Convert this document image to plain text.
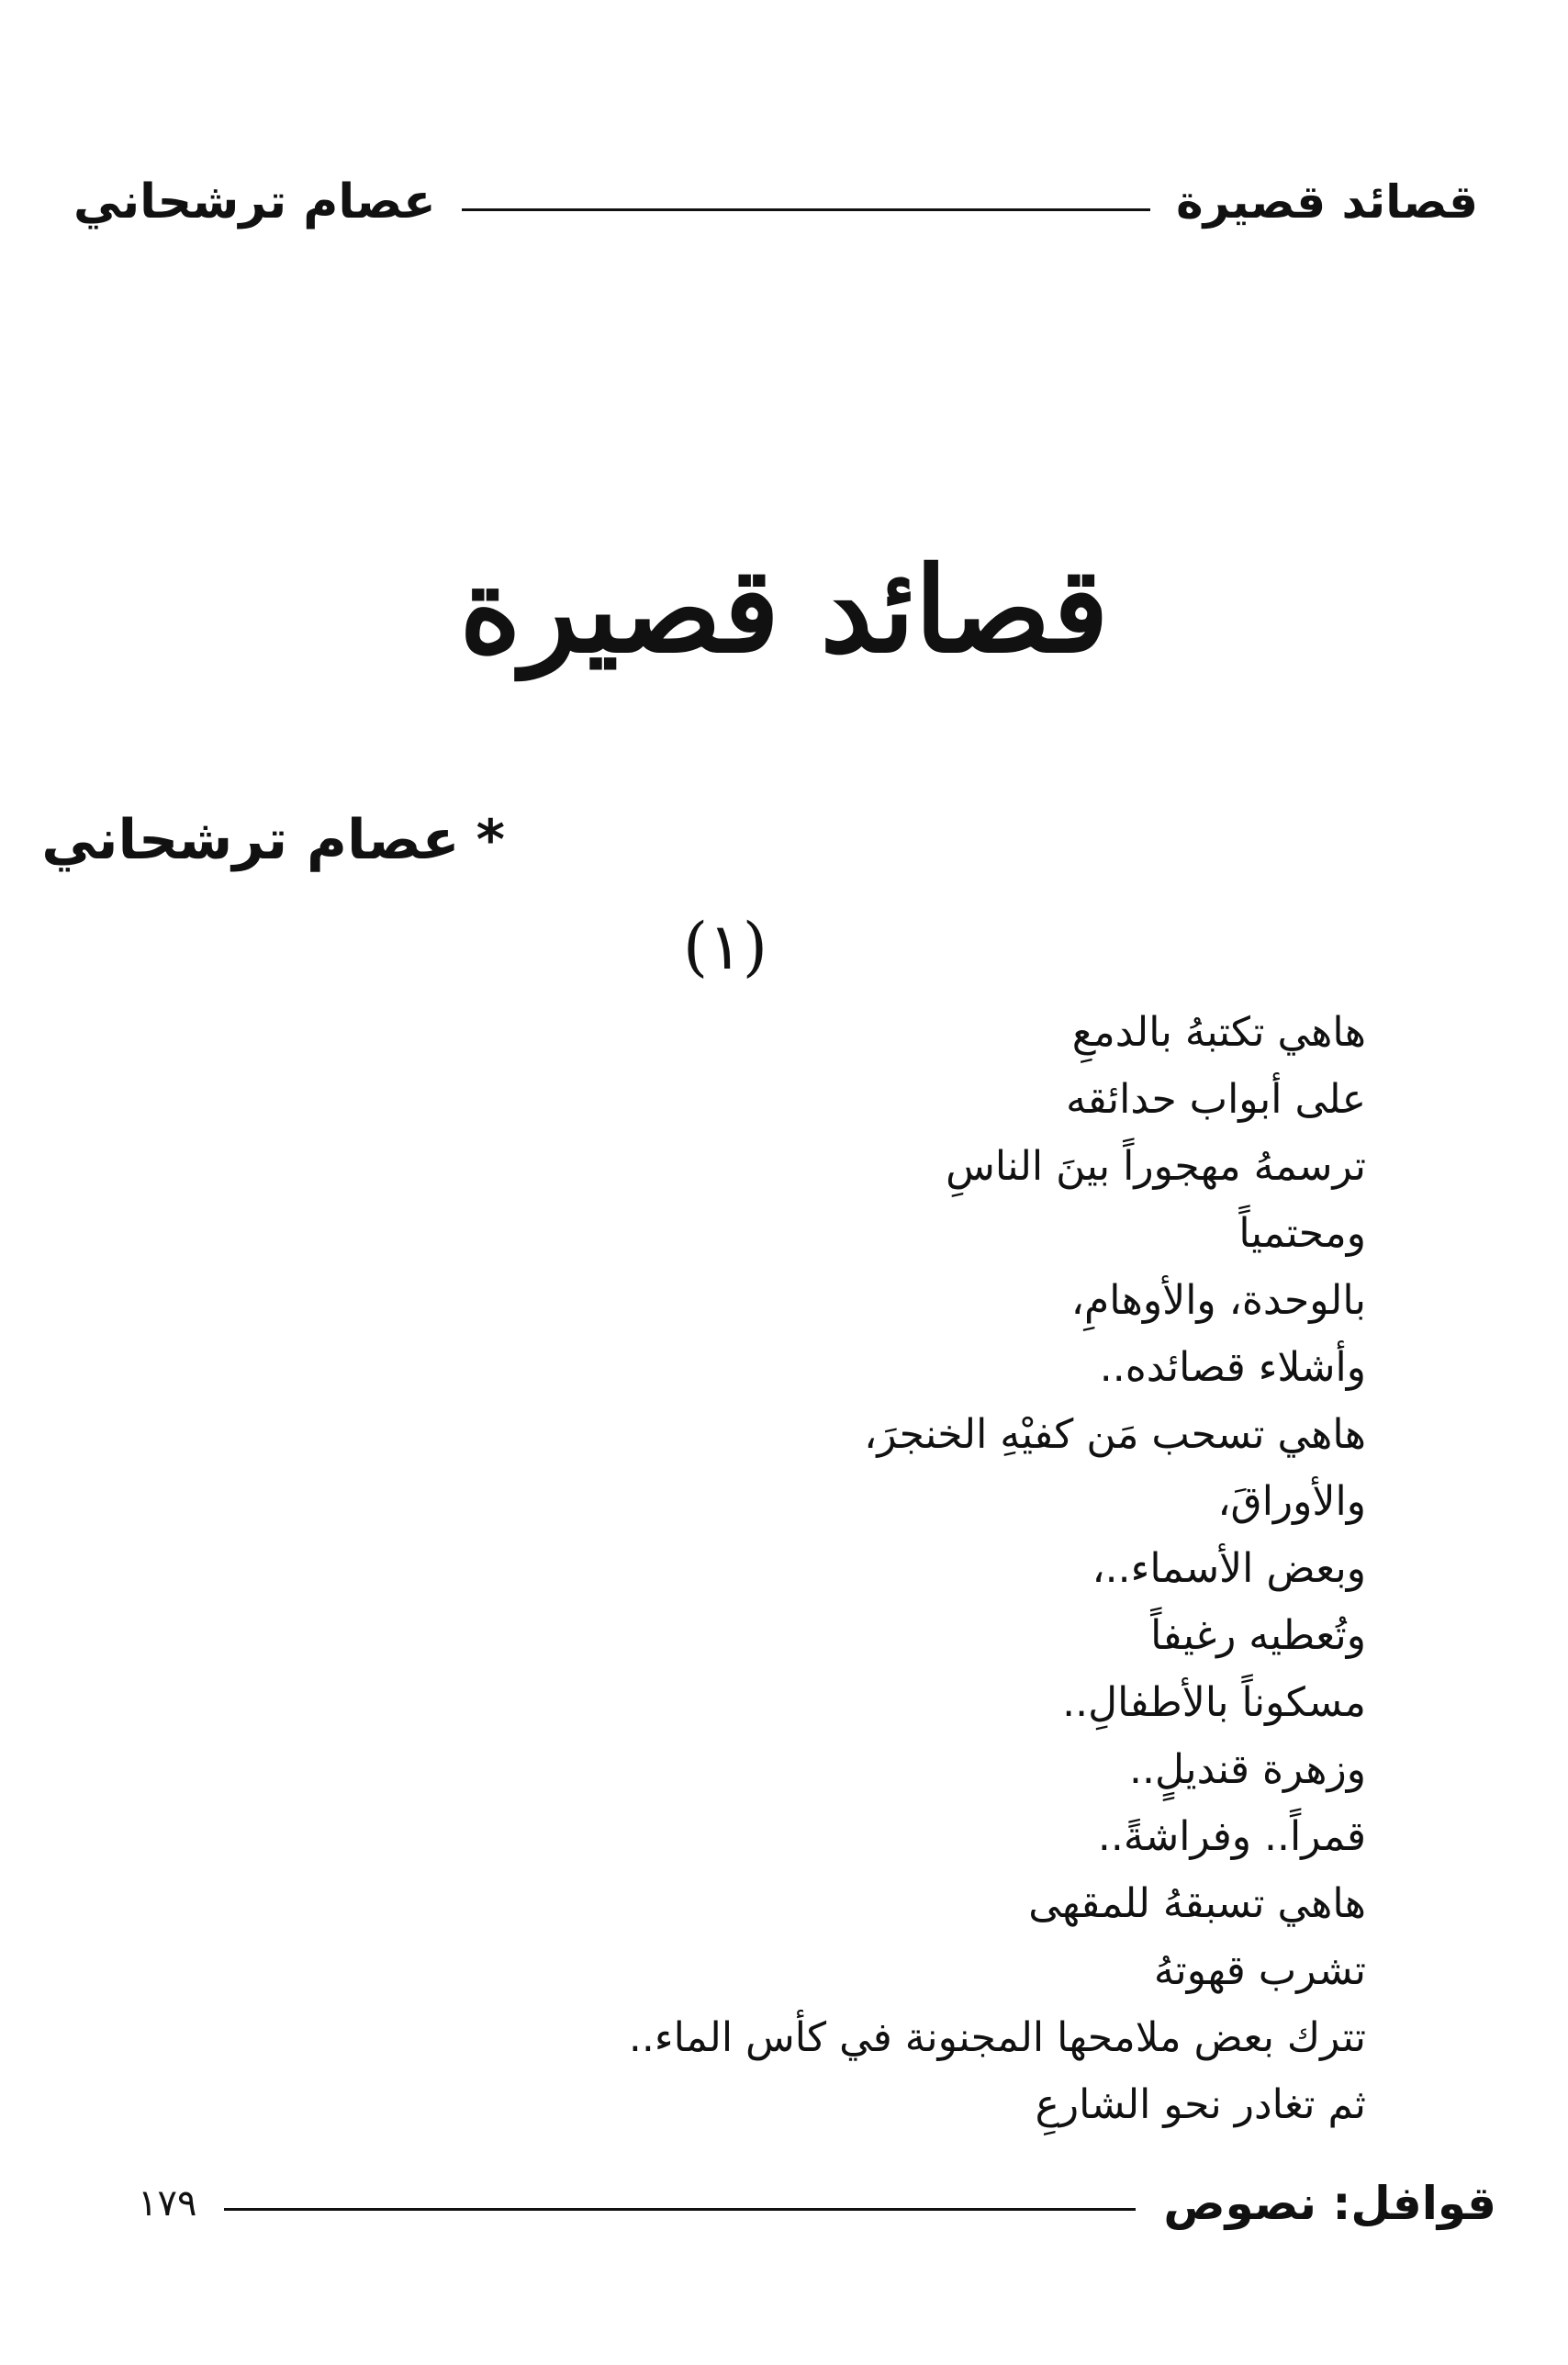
قصائد قصيرة
عصام ترشحاني
قصائد قصيرة
*عصام ترشحاني
(١)
هاهي تكتبهُ بالدمعِ
على أبواب حدائقه
ترسمهُ مهجوراً بينَ الناسِ
ومحتمياً
بالوحدة، والأوهامِ،
وأشلاء قصائده..
هاهي تسحب مَن كفيْهِ الخنجرَ،
والأوراقَ،
وبعض الأسماء..،
وتُعطيه رغيفاً
مسكوناً بالأطفالِ..
وزهرة قنديلٍ..
قمراً.. وفراشةً..
هاهي تسبقهُ للمقهى
تشرب قهوتهُ
تترك بعض ملامحها المجنونة في كأس الماء..
ثم تغادر نحو الشارعِ
قوافل: نصوص
١٧٩
